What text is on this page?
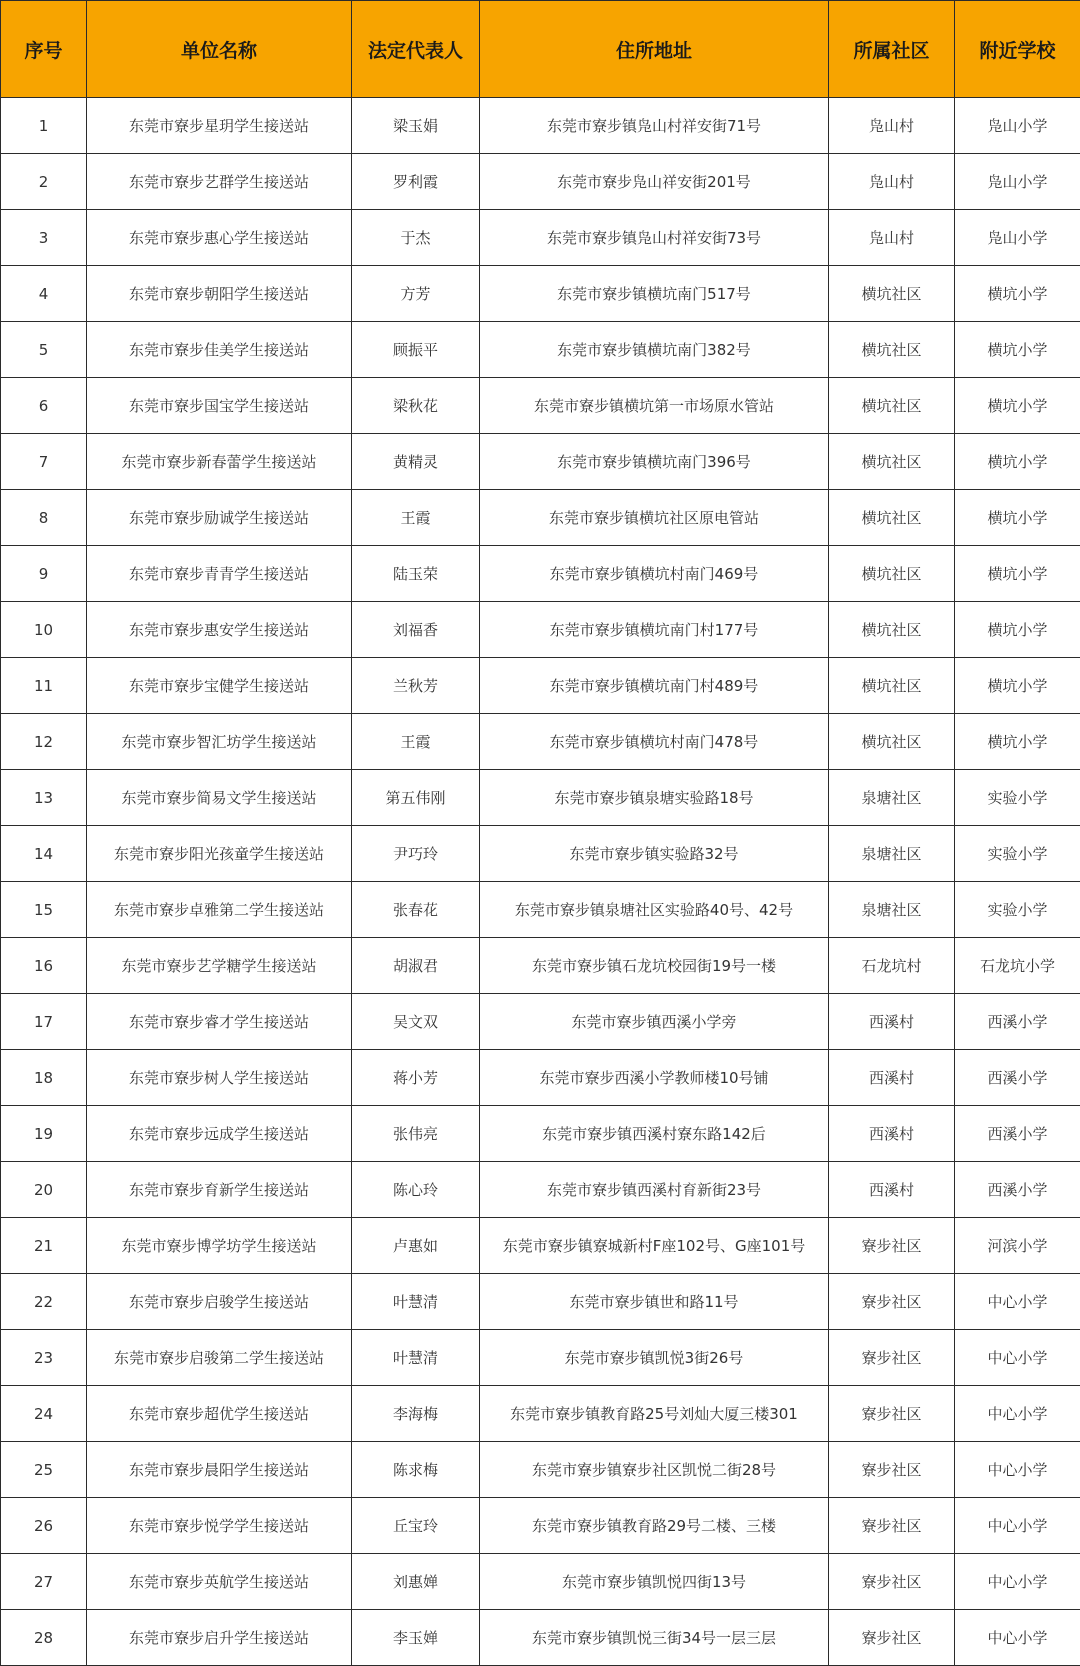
序号	单位名称	法定代表人	住所地址	所属社区	附近学校
1	东莞市寮步星玥学生接送站	梁玉娟	东莞市寮步镇凫山村祥安街71号	凫山村	凫山小学
2	东莞市寮步艺群学生接送站	罗利霞	东莞市寮步凫山祥安街201号	凫山村	凫山小学
3	东莞市寮步惠心学生接送站	于杰	东莞市寮步镇凫山村祥安街73号	凫山村	凫山小学
4	东莞市寮步朝阳学生接送站	方芳	东莞市寮步镇横坑南门517号	横坑社区	横坑小学
5	东莞市寮步佳美学生接送站	顾振平	东莞市寮步镇横坑南门382号	横坑社区	横坑小学
6	东莞市寮步国宝学生接送站	梁秋花	东莞市寮步镇横坑第一市场原水管站	横坑社区	横坑小学
7	东莞市寮步新春蕾学生接送站	黄精灵	东莞市寮步镇横坑南门396号	横坑社区	横坑小学
8	东莞市寮步励诚学生接送站	王霞	东莞市寮步镇横坑社区原电管站	横坑社区	横坑小学
9	东莞市寮步青青学生接送站	陆玉荣	东莞市寮步镇横坑村南门469号	横坑社区	横坑小学
10	东莞市寮步惠安学生接送站	刘福香	东莞市寮步镇横坑南门村177号	横坑社区	横坑小学
11	东莞市寮步宝健学生接送站	兰秋芳	东莞市寮步镇横坑南门村489号	横坑社区	横坑小学
12	东莞市寮步智汇坊学生接送站	王霞	东莞市寮步镇横坑村南门478号	横坑社区	横坑小学
13	东莞市寮步简易文学生接送站	第五伟刚	东莞市寮步镇泉塘实验路18号	泉塘社区	实验小学
14	东莞市寮步阳光孩童学生接送站	尹巧玲	东莞市寮步镇实验路32号	泉塘社区	实验小学
15	东莞市寮步卓雅第二学生接送站	张春花	东莞市寮步镇泉塘社区实验路40号、42号	泉塘社区	实验小学
16	东莞市寮步艺学糖学生接送站	胡淑君	东莞市寮步镇石龙坑校园街19号一楼	石龙坑村	石龙坑小学
17	东莞市寮步睿才学生接送站	吴文双	东莞市寮步镇西溪小学旁	西溪村	西溪小学
18	东莞市寮步树人学生接送站	蒋小芳	东莞市寮步西溪小学教师楼10号铺	西溪村	西溪小学
19	东莞市寮步远成学生接送站	张伟亮	东莞市寮步镇西溪村寮东路142后	西溪村	西溪小学
20	东莞市寮步育新学生接送站	陈心玲	东莞市寮步镇西溪村育新街23号	西溪村	西溪小学
21	东莞市寮步博学坊学生接送站	卢惠如	东莞市寮步镇寮城新村F座102号、G座101号	寮步社区	河滨小学
22	东莞市寮步启骏学生接送站	叶慧清	东莞市寮步镇世和路11号	寮步社区	中心小学
23	东莞市寮步启骏第二学生接送站	叶慧清	东莞市寮步镇凯悦3街26号	寮步社区	中心小学
24	东莞市寮步超优学生接送站	李海梅	东莞市寮步镇教育路25号刘灿大厦三楼301	寮步社区	中心小学
25	东莞市寮步晨阳学生接送站	陈求梅	东莞市寮步镇寮步社区凯悦二街28号	寮步社区	中心小学
26	东莞市寮步悦学学生接送站	丘宝玲	东莞市寮步镇教育路29号二楼、三楼	寮步社区	中心小学
27	东莞市寮步英航学生接送站	刘惠婵	东莞市寮步镇凯悦四街13号	寮步社区	中心小学
28	东莞市寮步启升学生接送站	李玉婵	东莞市寮步镇凯悦三街34号一层三层	寮步社区	中心小学
